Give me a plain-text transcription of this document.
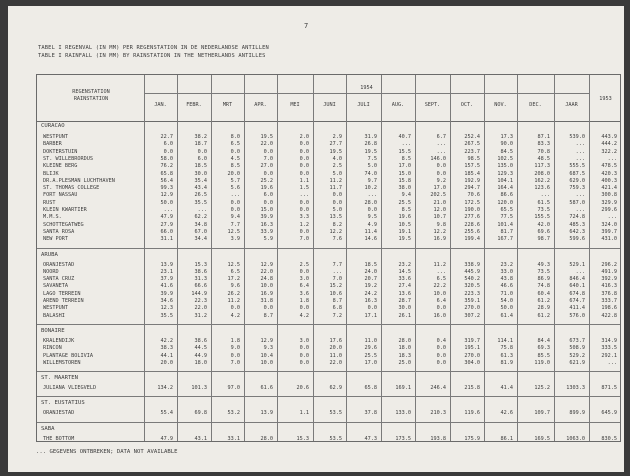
7
TABEL I REGENVAL (IN MM) PER REGENSTATION IN DE NEDERLANDSE ANTILLEN
TABLE I RAINFALL (IN MM) BY RAINSTATION IN THE NETHERLANDS ANTILLES
REGENSTATION
RAINSTATION
1954
JAN.	FEBR.	MRT	APR.	MEI	JUNI	JULI	AUG.	SEPT.	OCT.	NOV.	DEC.	JAAR
1953
CURACAO
WESTPUNT	22.7	38.2	8.0	19.5	2.0	2.9	31.9	40.7	6.7	252.4	17.3	87.1	539.0	443.9
BARBER	6.0	18.7	6.5	22.0	0.0	27.7	26.8	...	...	267.5	90.0	83.3	...	444.2
DOKTERSTUIN	0.0	0.0	0.0	0.0	0.0	19.5	19.5	15.5	...	223.7	84.5	70.8	...	322.2
ST. WILLEBRORDUS	58.0	6.0	4.5	7.0	0.0	4.0	7.5	8.5	146.0	98.5	102.5	48.5	...	...
KLEINE BERG	76.2	18.5	8.5	27.0	0.0	2.5	5.0	17.0	0.0	157.5	135.0	117.3	555.5	478.5
BLIJK	65.8	30.0	20.0	0.0	0.0	5.0	74.0	15.0	0.0	185.4	129.3	208.0	687.5	420.3
DR.A.PLESMAN LUCHTHAVEN	56.4	35.4	5.7	25.2	1.1	11.2	9.7	15.8	9.2	192.9	104.1	162.2	629.0	400.3
ST. THOMAS COLLEGE	99.3	43.4	5.6	19.6	1.5	11.7	10.2	38.0	17.0	294.7	164.4	123.6	759.3	421.4
FORT NASSAU	12.9	26.5	...	6.0	...	0.0	...	9.4	202.5	70.6	86.6	...	...	300.8
RUST	50.0	35.5	0.0	0.0	0.0	0.0	28.0	25.5	21.0	172.5	120.0	61.5	587.0	329.9
KLEIN KWARTIER	...	...	0.0	15.0	0.0	5.0	0.0	8.5	12.0	190.0	65.5	73.5	...	299.6
M.M.S.	47.9	62.2	9.4	39.9	3.3	13.5	9.5	19.6	10.7	277.6	77.5	155.5	724.8	...
SCHOTTEGATWEG	27.9	34.8	7.7	16.3	1.2	8.2	4.9	10.5	9.8	228.6	101.4	42.0	485.3	324.0
SANTA ROSA	66.0	67.0	12.5	33.9	0.0	12.2	11.4	19.1	12.2	255.6	81.7	69.6	642.3	399.7
NEW PORT	31.1	34.4	3.9	5.9	7.0	7.6	14.6	19.5	16.9	199.4	167.7	98.7	599.6	431.0
ARUBA
ORANJESTAD	13.9	15.3	12.5	12.9	2.5	7.7	18.5	23.2	11.2	338.9	23.2	49.3	529.1	296.2
NOORD	23.1	38.6	6.5	22.0	0.0	...	24.0	14.5	...	445.9	33.0	73.5	...	491.9
SANTA CRUZ	37.9	31.3	17.2	24.8	3.0	7.0	20.7	33.6	6.5	540.2	43.8	86.9	846.4	392.9
SAVANETA	41.6	66.6	9.6	10.0	6.4	15.2	19.2	27.4	22.2	320.5	46.6	74.8	640.1	416.3
LAGO TERREIN	39.9	144.9	26.2	16.9	3.6	10.6	24.2	13.6	10.0	223.3	71.0	60.4	674.8	376.8
AREND TERREIN	34.6	22.3	11.2	31.8	1.8	8.7	16.3	28.7	6.4	359.1	54.0	61.2	674.7	333.7
WESTPUNT	12.3	22.0	0.0	0.0	0.0	6.8	0.0	30.0	0.0	270.0	50.0	28.9	411.4	198.6
BALASHI	35.5	31.2	4.2	8.7	4.2	7.2	17.1	26.1	16.0	307.2	61.4	61.2	576.0	422.8
BONAIRE
KRALENDIJK	42.2	38.6	1.8	12.9	3.0	17.6	11.0	28.0	0.4	319.7	114.1	84.4	673.7	314.9
RINCON	38.3	44.5	9.0	9.3	0.0	20.0	29.6	18.0	0.0	195.1	75.8	69.3	508.9	333.5
PLANTAGE BOLIVIA	44.1	44.9	0.0	10.4	0.0	11.0	25.5	18.3	0.0	270.0	61.3	85.5	529.2	292.1
WILLEMSTOREN	20.0	18.0	7.0	10.0	0.0	22.0	17.0	25.0	0.0	304.0	81.9	119.0	621.9	...
ST. MAARTEN
JULIANA VLIEGVELD	134.2	101.3	97.0	61.6	20.6	62.9	65.8	169.1	246.4	215.8	41.4	125.2	1303.3	871.5
ST. EUSTATIUS
ORANJESTAD	55.4	69.8	53.2	13.9	1.1	53.5	37.8	133.0	210.3	119.6	42.6	109.7	899.9	645.9
SABA
THE BOTTOM	47.9	43.1	33.1	28.0	15.3	53.5	47.3	173.5	193.8	175.9	86.1	169.5	1063.0	830.5
... GEGEVENS ONTBREKEN; DATA NOT AVAILABLE
